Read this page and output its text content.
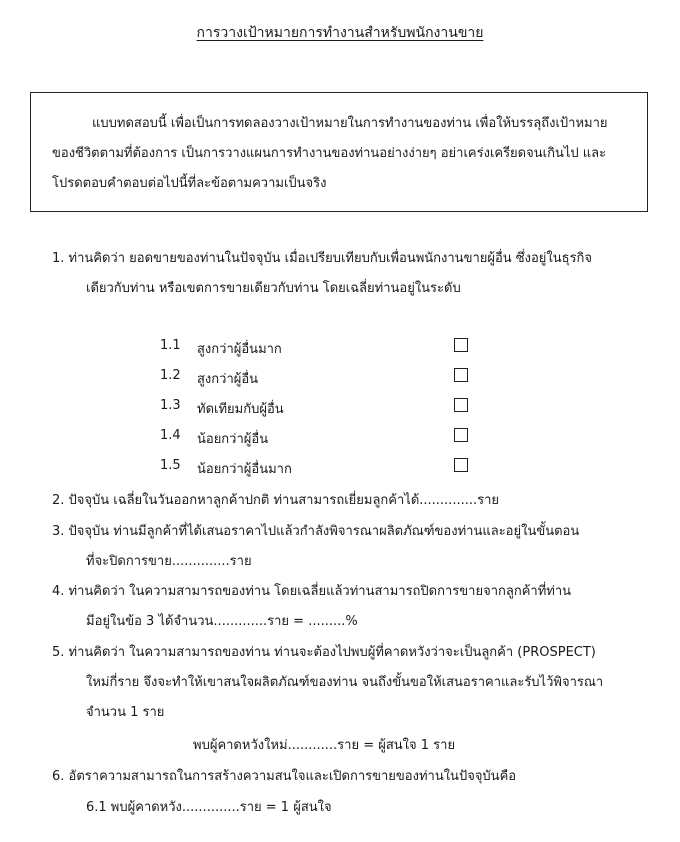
การวางเป้าหมายการทำงานสำหรับพนักงานขาย
แบบทดสอบนี้ เพื่อเป็นการทดลองวางเป้าหมายในการทำงานของท่าน เพื่อให้บรรลุถึงเป้าหมาย
ของชีวิตตามที่ต้องการ เป็นการวางแผนการทำงานของท่านอย่างง่ายๆ อย่าเคร่งเครียดจนเกินไป และ
โปรดตอบคำตอบต่อไปนี้ที่ละข้อตามความเป็นจริง
1. ท่านคิดว่า ยอดขายของท่านในปัจจุบัน เมื่อเปรียบเทียบกับเพื่อนพนักงานขายผู้อื่น ซึ่งอยู่ในธุรกิจ
เดียวกับท่าน หรือเขตการขายเดียวกับท่าน โดยเฉลี่ยท่านอยู่ในระดับ
1.1 สูงกว่าผู้อื่นมาก
1.2 สูงกว่าผู้อื่น
1.3 ทัดเทียมกับผู้อื่น
1.4 น้อยกว่าผู้อื่น
1.5 น้อยกว่าผู้อื่นมาก
2. ปัจจุบัน เฉลี่ยในวันออกหาลูกค้าปกติ ท่านสามารถเยี่ยมลูกค้าได้..............ราย
3. ปัจจุบัน ท่านมีลูกค้าที่ได้เสนอราคาไปแล้วกำลังพิจารณาผลิตภัณฑ์ของท่านและอยู่ในขั้นตอน
ที่จะปิดการขาย..............ราย
4. ท่านคิดว่า ในความสามารถของท่าน โดยเฉลี่ยแล้วท่านสามารถปิดการขายจากลูกค้าที่ท่าน
มีอยู่ในข้อ 3 ได้จำนวน.............ราย = .........%
5. ท่านคิดว่า ในความสามารถของท่าน ท่านจะต้องไปพบผู้ที่คาดหวังว่าจะเป็นลูกค้า (PROSPECT)
ใหม่กี่ราย จึงจะทำให้เขาสนใจผลิตภัณฑ์ของท่าน จนถึงขั้นขอให้เสนอราคาและรับไว้พิจารณา
จำนวน 1 ราย
พบผู้คาดหวังใหม่............ราย = ผู้สนใจ 1 ราย
6. อัตราความสามารถในการสร้างความสนใจและเปิดการขายของท่านในปัจจุบันคือ
6.1 พบผู้คาดหวัง..............ราย = 1 ผู้สนใจ
